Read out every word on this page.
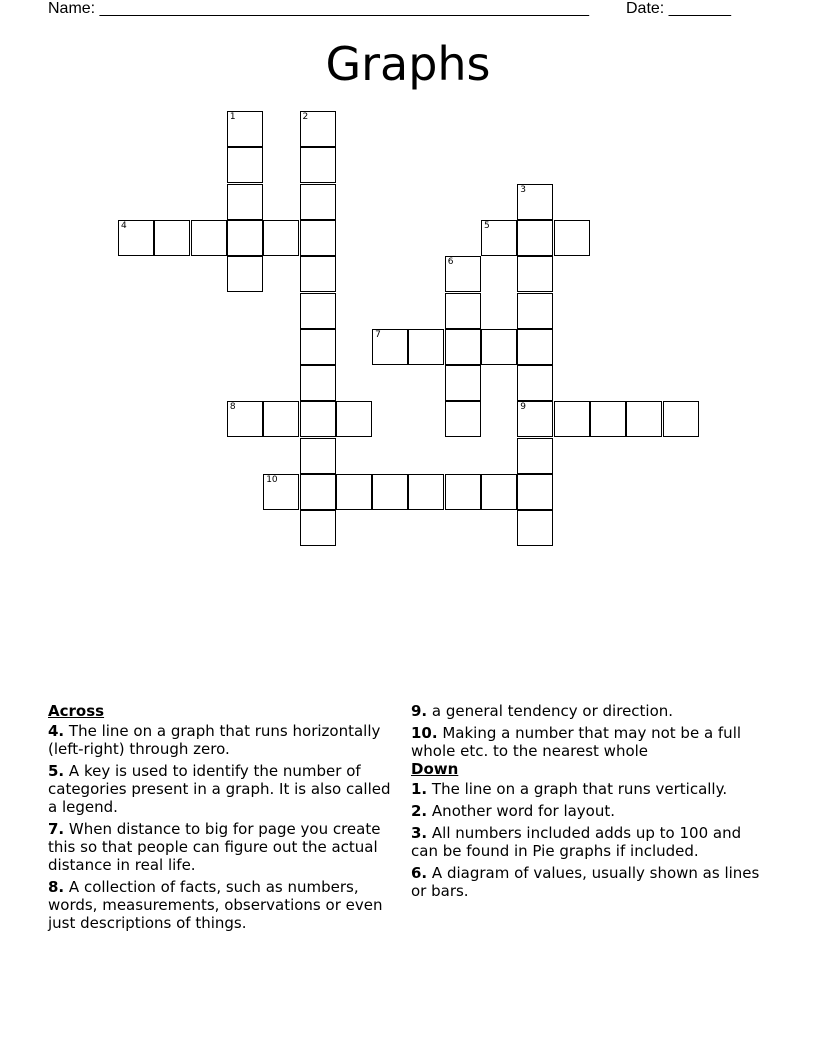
Name: _______________________________________________________ Date: _______
Graphs
1	2
3
9
4	5
6
7
8
10
Across
4. The line on a graph that runs horizontally (left-right) through zero.
5. A key is used to identify the number of categories present in a graph. It is also called a legend.
7. When distance to big for page you create this so that people can figure out the actual distance in real life.
8. A collection of facts, such as numbers, words, measurements, observations or even just descriptions of things.
9. a general tendency or direction.
10. Making a number that may not be a full whole etc. to the nearest whole
Down
1. The line on a graph that runs vertically.
2. Another word for layout.
3. All numbers included adds up to 100 and can be found in Pie graphs if included.
6. A diagram of values, usually shown as lines or bars.
